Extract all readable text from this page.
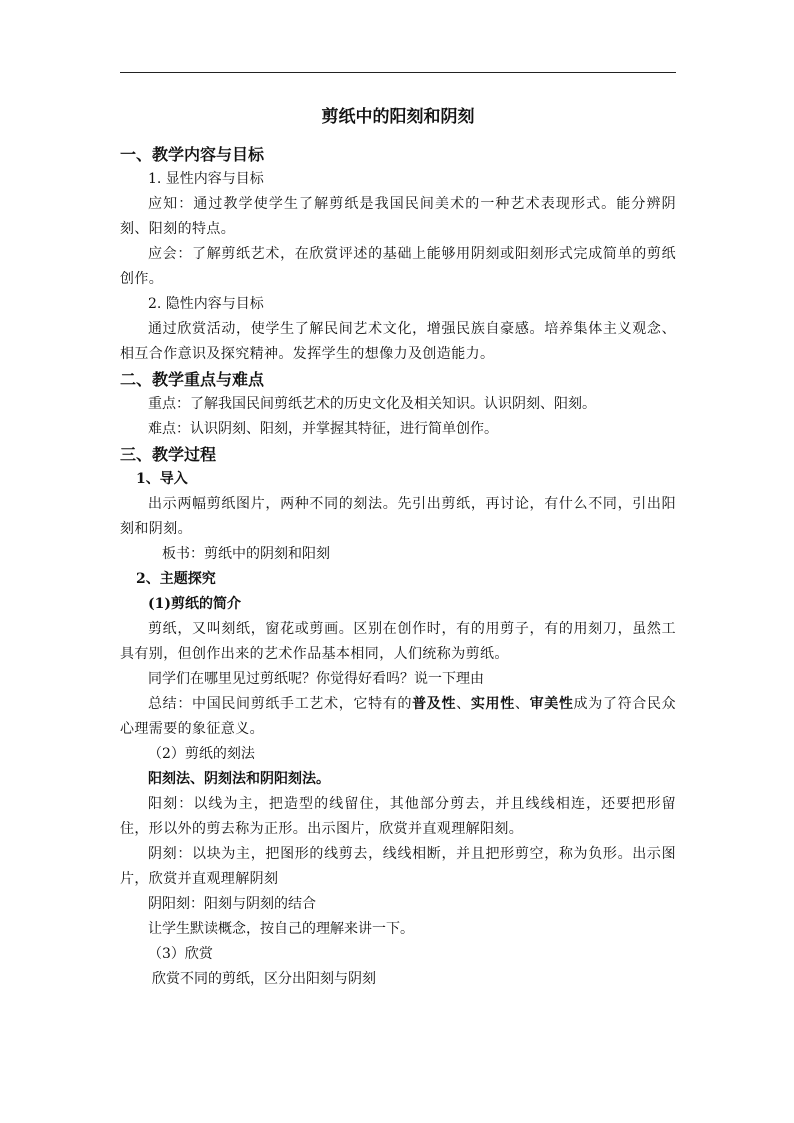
剪纸中的阳刻和阴刻
一、教学内容与目标
1. 显性内容与目标
应知：通过教学使学生了解剪纸是我国民间美术的一种艺术表现形式。能分辨阴刻、阳刻的特点。
应会：了解剪纸艺术，在欣赏评述的基础上能够用阴刻或阳刻形式完成简单的剪纸创作。
2. 隐性内容与目标
通过欣赏活动，使学生了解民间艺术文化，增强民族自豪感。培养集体主义观念、相互合作意识及探究精神。发挥学生的想像力及创造能力。
二、教学重点与难点
重点：了解我国民间剪纸艺术的历史文化及相关知识。认识阴刻、阳刻。
难点：认识阴刻、阳刻，并掌握其特征，进行简单创作。
三、教学过程
1、导入
出示两幅剪纸图片，两种不同的刻法。先引出剪纸，再讨论，有什么不同，引出阳刻和阴刻。
板书：剪纸中的阴刻和阳刻
2、主题探究
(1)剪纸的简介
剪纸，又叫刻纸，窗花或剪画。区别在创作时，有的用剪子，有的用刻刀，虽然工具有别，但创作出来的艺术作品基本相同，人们统称为剪纸。
同学们在哪里见过剪纸呢？你觉得好看吗？说一下理由
总结：中国民间剪纸手工艺术，它特有的普及性、实用性、审美性成为了符合民众心理需要的象征意义。
（2）剪纸的刻法
阳刻法、阴刻法和阴阳刻法。
阳刻：以线为主，把造型的线留住，其他部分剪去，并且线线相连，还要把形留住，形以外的剪去称为正形。出示图片，欣赏并直观理解阳刻。
阴刻：以块为主，把图形的线剪去，线线相断，并且把形剪空，称为负形。出示图片，欣赏并直观理解阴刻
阴阳刻：阳刻与阴刻的结合
让学生默读概念，按自己的理解来讲一下。
（3）欣赏
欣赏不同的剪纸，区分出阳刻与阴刻
